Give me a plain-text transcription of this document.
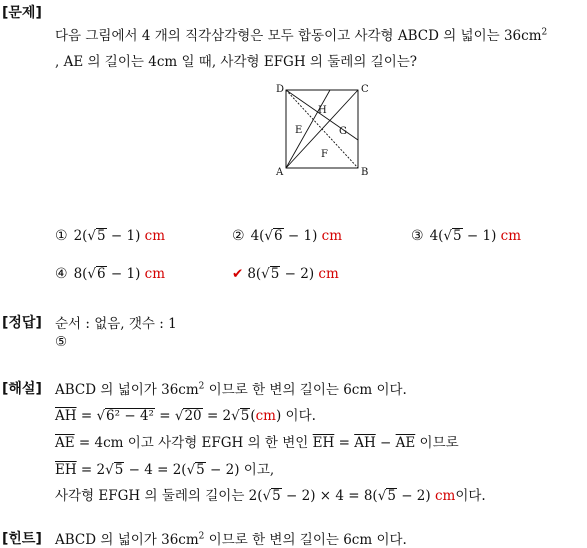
[문제]
다음 그림에서 4 개의 직각삼각형은 모두 합동이고 사각형 ABCD 의 넓이는 $36cm^2$
, AE 의 길이는 4cm 일 때, 사각형 EFGH 의 둘레의 길이는?
D	C
A	B
H
E	G
F
① 2(√5 − 1) cm	② 4(√6 − 1) cm	③ 4(√5 − 1) cm
④ 8(√6 − 1) cm	✔ 8(√5 − 2) cm
[정답] 순서 : 없음, 갯수 : 1
⑤
[해설] ABCD 의 넓이가 $36cm^2$ 이므로 한 변의 길이는 6cm 이다.
$\overline{AH} = √6^2 - 4^2 = √20 = 2√5(cm)$ 이다.
$\overline{AE} = 4cm$ 이고 사각형 EFGH 의 한 변인 $\overline{EH} = \overline{AH} - \overline{AE}$ 이므로
$\overline{EH} = 2√5 - 4 = 2(√5 - 2)$ 이고,
사각형 EFGH 의 둘레의 길이는 2(√5 − 2) × 4 = 8(√5 − 2) cm이다.
[힌트] ABCD 의 넓이가 $36cm^2$ 이므로 한 변의 길이는 6cm 이다.
